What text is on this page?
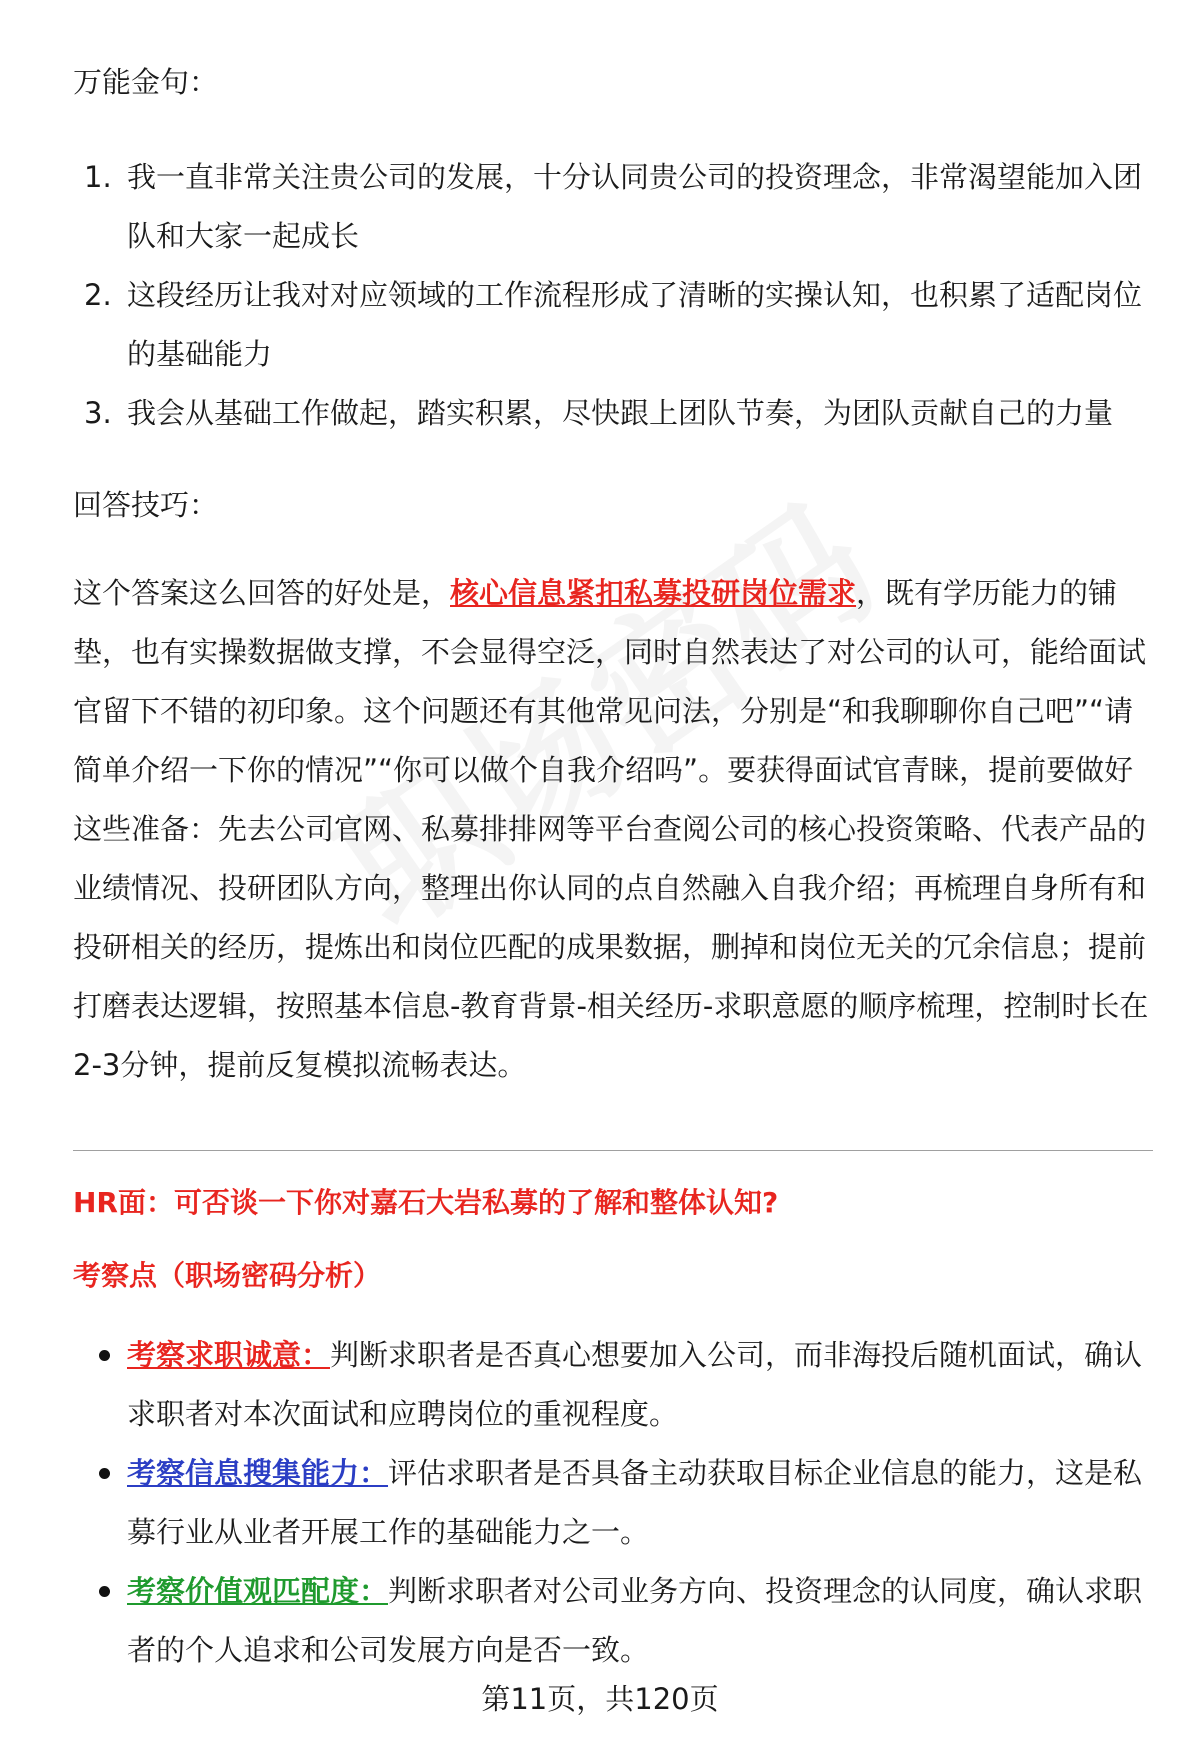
万能金句：
1. 我一直非常关注贵公司的发展，十分认同贵公司的投资理念，非常渴望能加入团队和大家一起成长
2. 这段经历让我对对应领域的工作流程形成了清晰的实操认知，也积累了适配岗位的基础能力
3. 我会从基础工作做起，踏实积累，尽快跟上团队节奏，为团队贡献自己的力量
回答技巧：

这个答案这么回答的好处是，核心信息紧扣私募投研岗位需求，既有学历能力的铺垫，也有实操数据做支撑，不会显得空泛，同时自然表达了对公司的认可，能给面试官留下不错的初印象。这个问题还有其他常见问法，分别是“和我聊聊你自己吧”“请简单介绍一下你的情况”“你可以做个自我介绍吗”。要获得面试官青睐，提前要做好这些准备：先去公司官网、私募排排网等平台查阅公司的核心投资策略、代表产品的业绩情况、投研团队方向，整理出你认同的点自然融入自我介绍；再梳理自身所有和投研相关的经历，提炼出和岗位匹配的成果数据，删掉和岗位无关的冗余信息；提前打磨表达逻辑，按照基本信息-教育背景-相关经历-求职意愿的顺序梳理，控制时长在2-3分钟，提前反复模拟流畅表达。

HR面：可否谈一下你对嘉石大岩私募的了解和整体认知?
考察点（职场密码分析）
考察求职诚意：判断求职者是否真心想要加入公司，而非海投后随机面试，确认求职者对本次面试和应聘岗位的重视程度。
考察信息搜集能力：评估求职者是否具备主动获取目标企业信息的能力，这是私募行业从业者开展工作的基础能力之一。
考察价值观匹配度：判断求职者对公司业务方向、投资理念的认同度，确认求职者的个人追求和公司发展方向是否一致。
第11页，共120页
